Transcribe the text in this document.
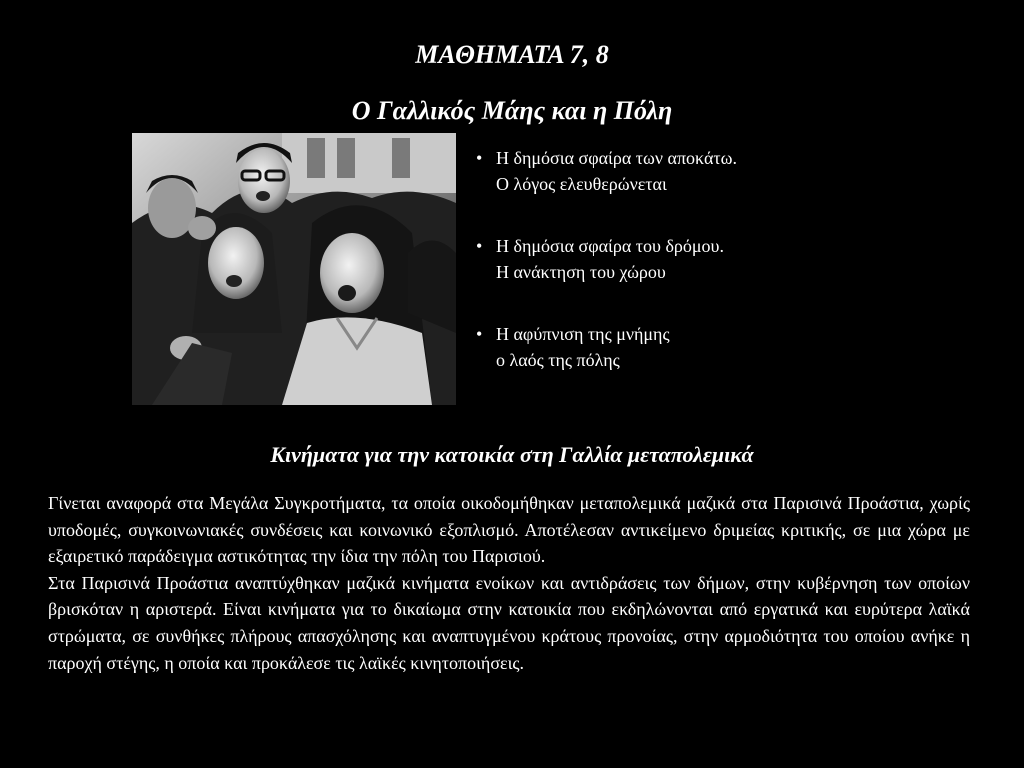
ΜΑΘΗΜΑΤΑ 7, 8
Ο Γαλλικός Μάης και η Πόλη
• Η δημόσια σφαίρα των αποκάτω.
Ο λόγος ελευθερώνεται
• Η δημόσια σφαίρα του δρόμου.
Η ανάκτηση του χώρου
• Η αφύπνιση της μνήμης
ο λαός της πόλης
Κινήματα για την κατοικία στη Γαλλία μεταπολεμικά

Γίνεται αναφορά στα Μεγάλα Συγκροτήματα, τα οποία οικοδομήθηκαν μεταπολεμικά μαζικά στα Παρισινά Προάστια, χωρίς υποδομές, συγκοινωνιακές συνδέσεις και κοινωνικό εξοπλισμό. Αποτέλεσαν αντικείμενο δριμείας κριτικής, σε μια χώρα με εξαιρετικό παράδειγμα αστικότητας την ίδια την πόλη του Παρισιού.

Στα Παρισινά Προάστια αναπτύχθηκαν μαζικά κινήματα ενοίκων και αντιδράσεις των δήμων, στην κυβέρνηση των οποίων βρισκόταν η αριστερά. Είναι κινήματα για το δικαίωμα στην κατοικία που εκδηλώνονται από εργατικά και ευρύτερα λαϊκά στρώματα, σε συνθήκες πλήρους απασχόλησης και αναπτυγμένου κράτους προνοίας, στην αρμοδιότητα του οποίου ανήκε η παροχή στέγης, η οποία και προκάλεσε τις λαϊκές κινητοποιήσεις.
